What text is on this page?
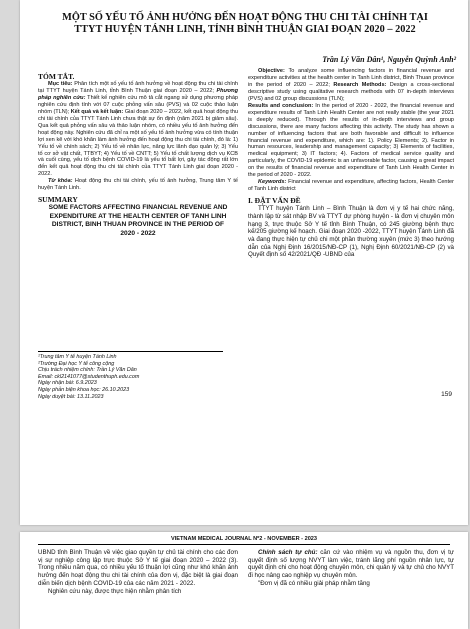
MỘT SỐ YẾU TỐ ẢNH HƯỞNG ĐẾN HOẠT ĐỘNG THU CHI TÀI CHÍNH TẠI TTYT HUYỆN TÁNH LINH, TỈNH BÌNH THUẬN GIAI ĐOẠN 2020 – 2022
Trần Lý Văn Dân¹, Nguyễn Quỳnh Anh²

TÓM TẮT.

Mục tiêu: Phân tích một số yếu tố ảnh hưởng về hoạt động thu chi tài chính tại TTYT huyện Tánh Linh, tỉnh Bình Thuận giai đoạn 2020 – 2022; Phương pháp nghiên cứu: Thiết kế nghiên cứu mô tả cắt ngang sử dụng phương pháp nghiên cứu định tính với 07 cuộc phỏng vấn sâu (PVS) và 02 cuộc thảo luận nhóm (TLN); Kết quả và kết luận: Giai đoạn 2020 – 2022, kết quả hoạt động thu chi tài chính của TTYT Tánh Linh chưa thật sự ổn định (năm 2021 bị giảm sâu). Qua kết quả phỏng vấn sâu và thảo luận nhóm, có nhiều yếu tố ảnh hưởng đến hoạt động này. Nghiên cứu đã chỉ ra một số yếu tố ảnh hưởng vừa có tính thuận lợi xen kẽ với khó khăn làm ảnh hưởng đến hoạt động thu chi tài chính, đó là: 1) Yếu tố về chính sách; 2) Yếu tố về nhân lực, năng lực lãnh đạo quản lý; 3) Yếu tố cơ sở vật chất, TTBYT; 4) Yếu tố về CNTT; 5) Yếu tố chất lượng dịch vụ KCB và cuối cùng, yếu tố dịch bệnh COVID-19 là yếu tố bất lợi, gây tác động rất lớn đến kết quả hoạt động thu chi tài chính của TTYT Tánh Linh giai đoạn 2020 - 2022.

Từ khóa: Hoạt động thu chi tài chính, yếu tố ảnh hưởng, Trung tâm Y tế huyện Tánh Linh.

SUMMARY

SOME FACTORS AFFECTING FINANCIAL REVENUE AND EXPENDITURE AT THE HEALTH CENTER OF TANH LINH DISTRICT, BINH THUAN PROVINCE IN THE PERIOD OF 2020 - 2022

¹Trung tâm Y tế huyện Tánh Linh
²Trường Đại học Y tế công cộng
Chịu trách nhiệm chính: Trần Lý Văn Dân
Email: ckl2141077@studenthuph.edu.com
Ngày nhận bài: 6.9.2023
Ngày phản biện khoa học: 26.10.2023
Ngày duyệt bài: 13.11.2023

Objective: To analyze some influencing factors in financial revenue and expenditure activities at the health center in Tanh Linh district, Binh Thuan province in the period of 2020 – 2022; Research Methods: Design a cross-sectional descriptive study using qualitative research methods with 07 in-depth interviews (PVS) and 02 group discussions (TLN);

Results and conclusion: In the period of 2020 - 2022, the financial revenue and expenditure results of Tanh Linh Health Center are not really stable (the year 2021 is deeply reduced). Through the results of in-depth interviews and group discussions, there are many factors affecting this activity. The study has shown a number of influencing factors that are both favorable and difficult to influence financial revenue and expenditure, which are: 1). Policy Elements; 2). Factor in human resources, leadership and management capacity; 3) Elements of facilities, medical equipment; 3) IT factors; 4). Factors of medical service quality and particularly, the COVID-19 epidemic is an unfavorable factor, causing a great impact on the results of financial revenue and expenditure of Tanh Linh Health Center in the period of 2020 - 2022.

Keywords: Financial revenue and expenditure, affecting factors, Health Center of Tanh Linh district

I. ĐẶT VẤN ĐỀ

TTYT huyện Tánh Linh – Bình Thuận là đơn vị y tế hai chức năng, thành lập từ sát nhập BV và TTYT dự phòng huyện - là đơn vị chuyên môn hạng 3, trực thuộc Sở Y tế tỉnh Bình Thuận, có 245 giường bệnh thực kế/205 giường kế hoạch. Giai đoạn 2020 -2022, TTYT huyện Tánh Linh đã và đang thực hiện tự chủ chi một phần thường xuyên (mức 3) theo hướng dẫn của Nghị Định 16/2015/NĐ-CP (1), Nghị Định 60/2021/NĐ-CP (2) và Quyết định số 42/2021/QĐ -UBND của

159
VIETNAM MEDICAL JOURNAL Nº2 - NOVEMBER - 2023

UBND tỉnh Bình Thuận về việc giao quyền tự chủ tài chính cho các đơn vị sự nghiệp công lập trực thuộc Sở Y tế giai đoạn 2020 – 2022 (3). Trong nhiều năm qua, có nhiều yếu tố thuận lợi cũng như khó khăn ảnh hưởng đến hoạt động thu chi tài chính của đơn vị, đặc biệt là giai đoạn diễn biến dịch bệnh COVID-19 của các năm 2021 - 2022.

Nghiên cứu này, được thực hiện nhằm phân tích

Chính sách tự chủ: căn cứ vào nhiệm vụ và nguồn thu, đơn vị tự quyết định số lượng NVYT làm việc, tránh lãng phí nguồn nhân lực, tự quyết định chi cho hoạt động chuyên môn, chi quản lý và tự chủ cho NVYT đi học nâng cao nghiệp vụ chuyên môn.

"Đơn vị đã có nhiều giải pháp nhằm tăng
